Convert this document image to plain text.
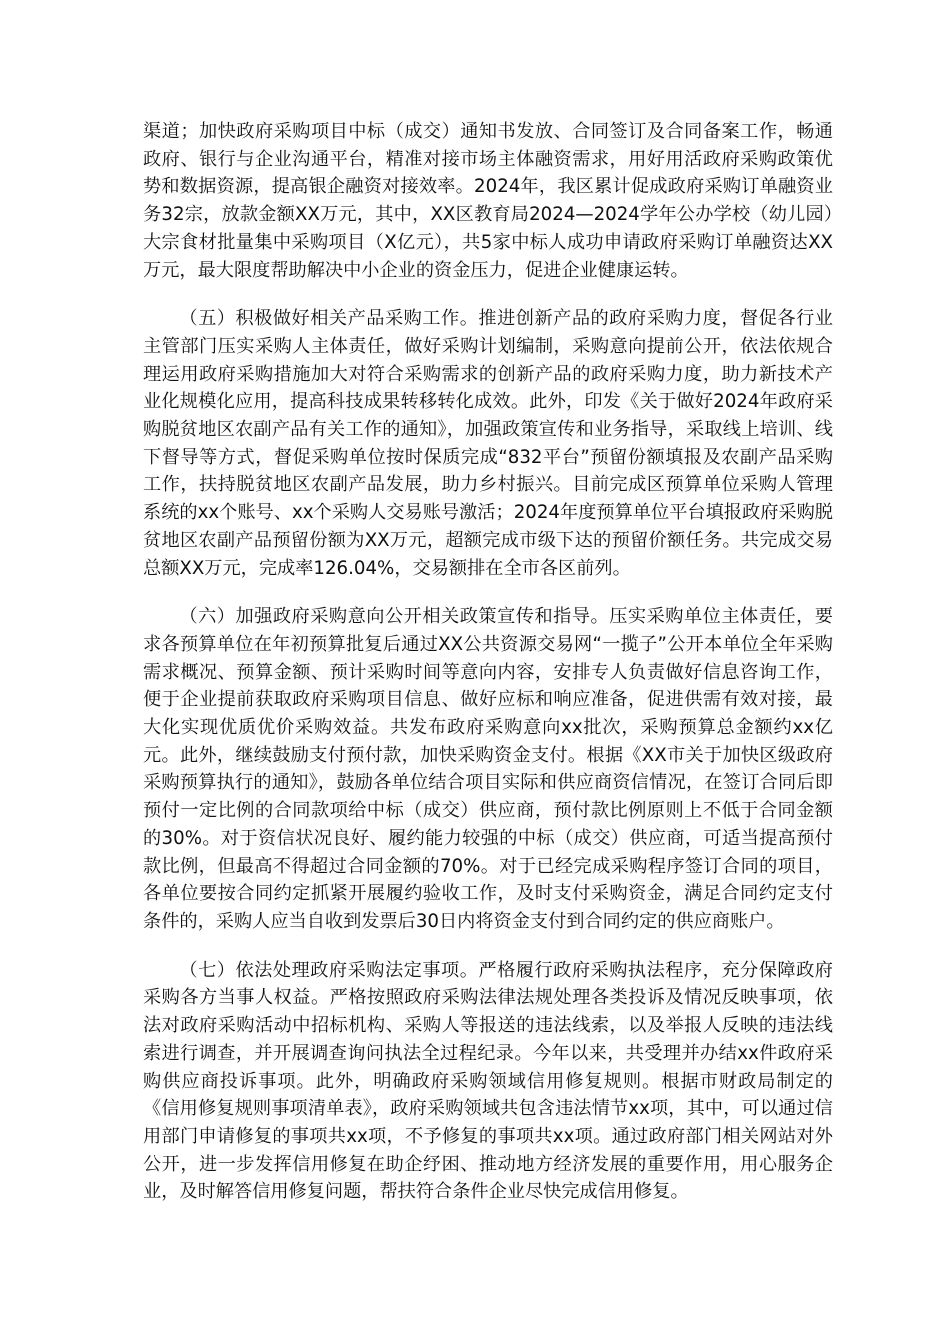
渠道；加快政府采购项目中标（成交）通知书发放、合同签订及合同备案工作，畅通政府、银行与企业沟通平台，精准对接市场主体融资需求，用好用活政府采购政策优势和数据资源，提高银企融资对接效率。2024年，我区累计促成政府采购订单融资业务32宗，放款金额XX万元，其中，XX区教育局2024—2024学年公办学校（幼儿园）大宗食材批量集中采购项目（X亿元），共5家中标人成功申请政府采购订单融资达XX万元，最大限度帮助解决中小企业的资金压力，促进企业健康运转。

（五）积极做好相关产品采购工作。推进创新产品的政府采购力度，督促各行业主管部门压实采购人主体责任，做好采购计划编制，采购意向提前公开，依法依规合理运用政府采购措施加大对符合采购需求的创新产品的政府采购力度，助力新技术产业化规模化应用，提高科技成果转移转化成效。此外，印发《关于做好2024年政府采购脱贫地区农副产品有关工作的通知》，加强政策宣传和业务指导，采取线上培训、线下督导等方式，督促采购单位按时保质完成“832平台”预留份额填报及农副产品采购工作，扶持脱贫地区农副产品发展，助力乡村振兴。目前完成区预算单位采购人管理系统的xx个账号、xx个采购人交易账号激活；2024年度预算单位平台填报政府采购脱贫地区农副产品预留份额为XX万元，超额完成市级下达的预留价额任务。共完成交易总额XX万元，完成率126.04%，交易额排在全市各区前列。

（六）加强政府采购意向公开相关政策宣传和指导。压实采购单位主体责任，要求各预算单位在年初预算批复后通过XX公共资源交易网“一揽子”公开本单位全年采购需求概况、预算金额、预计采购时间等意向内容，安排专人负责做好信息咨询工作，便于企业提前获取政府采购项目信息、做好应标和响应准备，促进供需有效对接，最大化实现优质优价采购效益。共发布政府采购意向xx批次，采购预算总金额约xx亿元。此外，继续鼓励支付预付款，加快采购资金支付。根据《XX市关于加快区级政府采购预算执行的通知》，鼓励各单位结合项目实际和供应商资信情况，在签订合同后即预付一定比例的合同款项给中标（成交）供应商，预付款比例原则上不低于合同金额的30%。对于资信状况良好、履约能力较强的中标（成交）供应商，可适当提高预付款比例，但最高不得超过合同金额的70%。对于已经完成采购程序签订合同的项目，各单位要按合同约定抓紧开展履约验收工作，及时支付采购资金，满足合同约定支付条件的，采购人应当自收到发票后30日内将资金支付到合同约定的供应商账户。

（七）依法处理政府采购法定事项。严格履行政府采购执法程序，充分保障政府采购各方当事人权益。严格按照政府采购法律法规处理各类投诉及情况反映事项，依法对政府采购活动中招标机构、采购人等报送的违法线索，以及举报人反映的违法线索进行调查，并开展调查询问执法全过程纪录。今年以来，共受理并办结xx件政府采购供应商投诉事项。此外，明确政府采购领域信用修复规则。根据市财政局制定的《信用修复规则事项清单表》，政府采购领域共包含违法情节xx项，其中，可以通过信用部门申请修复的事项共xx项，不予修复的事项共xx项。通过政府部门相关网站对外公开，进一步发挥信用修复在助企纾困、推动地方经济发展的重要作用，用心服务企业，及时解答信用修复问题，帮扶符合条件企业尽快完成信用修复。
